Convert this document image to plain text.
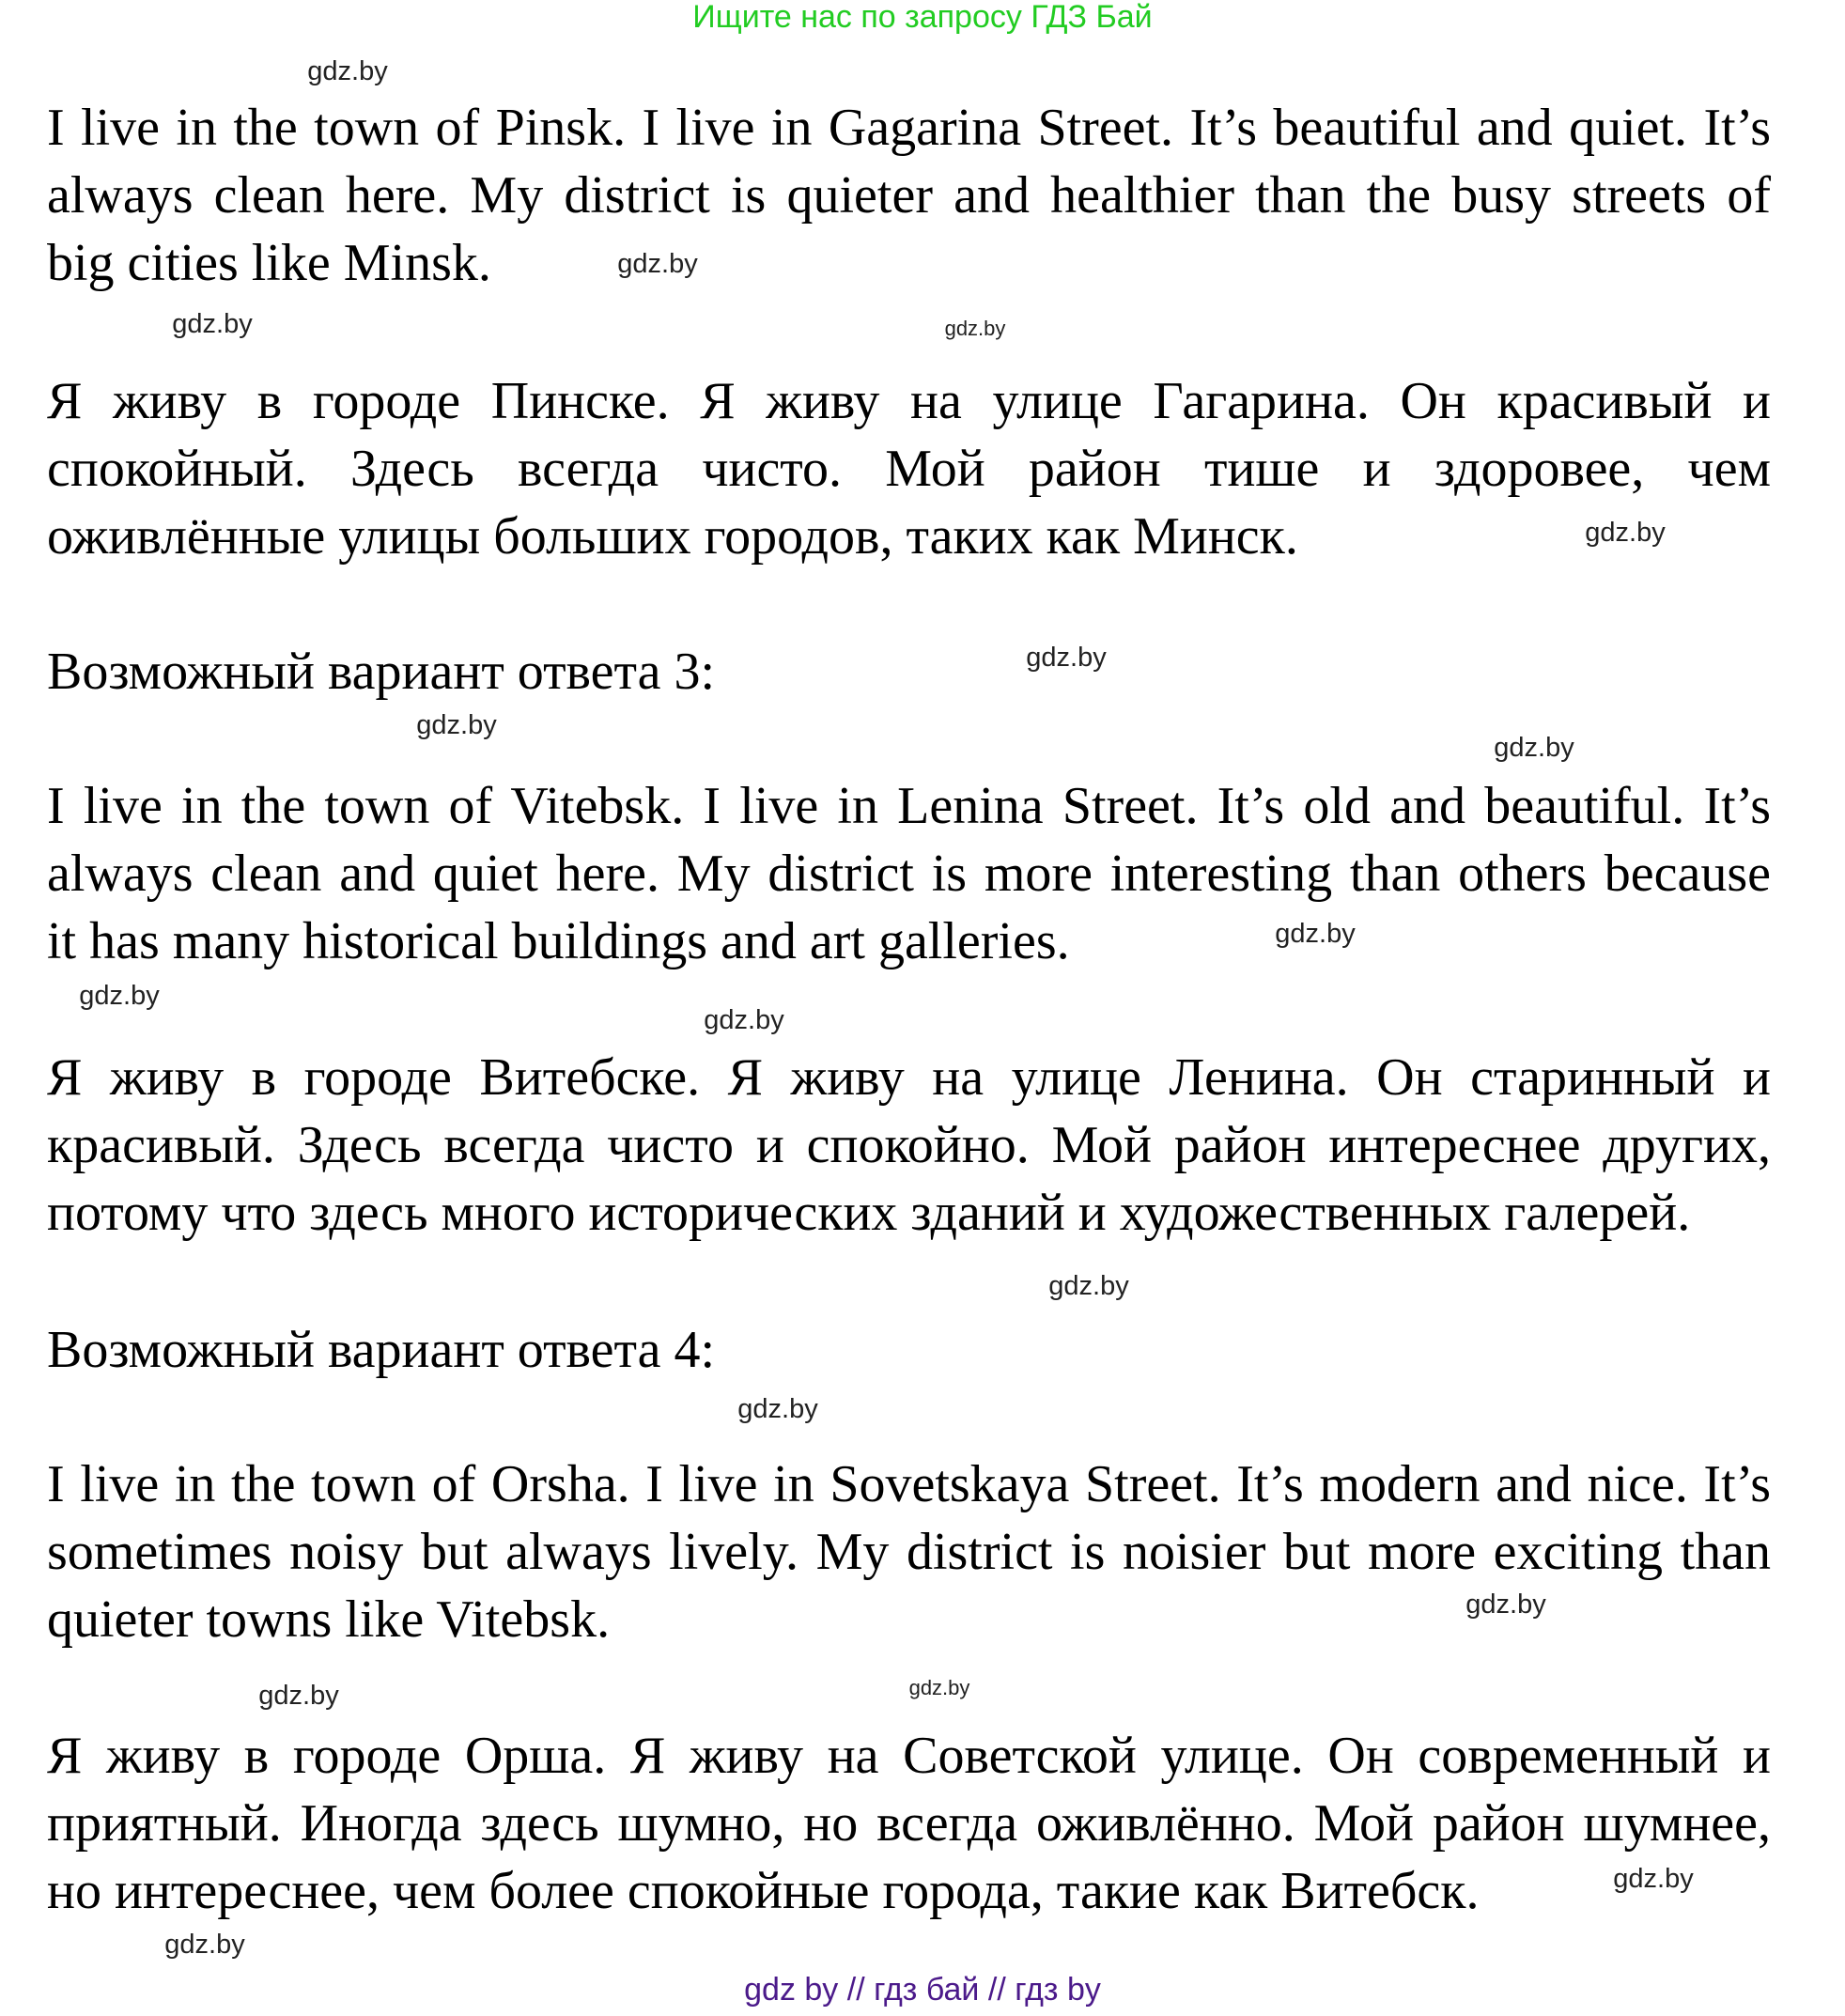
Ищите нас по запросу ГДЗ Бай
I live in the town of Pinsk. I live in Gagarina Street. It’s beautiful and quiet. It’s
always clean here. My district is quieter and healthier than the busy streets of
big cities like Minsk.
Я живу в городе Пинске. Я живу на улице Гагарина. Он красивый и
спокойный. Здесь всегда чисто. Мой район тише и здоровее, чем
оживлённые улицы больших городов, таких как Минск.
Возможный вариант ответа 3:
I live in the town of Vitebsk. I live in Lenina Street. It’s old and beautiful. It’s
always clean and quiet here. My district is more interesting than others because
it has many historical buildings and art galleries.
Я живу в городе Витебске. Я живу на улице Ленина. Он старинный и
красивый. Здесь всегда чисто и спокойно. Мой район интереснее других,
потому что здесь много исторических зданий и художественных галерей.
Возможный вариант ответа 4:
I live in the town of Orsha. I live in Sovetskaya Street. It’s modern and nice. It’s
sometimes noisy but always lively. My district is noisier but more exciting than
quieter towns like Vitebsk.
Я живу в городе Орша. Я живу на Советской улице. Он современный и
приятный. Иногда здесь шумно, но всегда оживлённо. Мой район шумнее,
но интереснее, чем более спокойные города, такие как Витебск.
gdz.by
gdz.by
gdz.by
gdz.by
gdz.by
gdz.by
gdz.by
gdz.by
gdz.by
gdz.by
gdz.by
gdz.by
gdz.by
gdz.by
gdz.by	gdz.by
gdz.by
gdz.by
gdz by // гдз бай // гдз by
